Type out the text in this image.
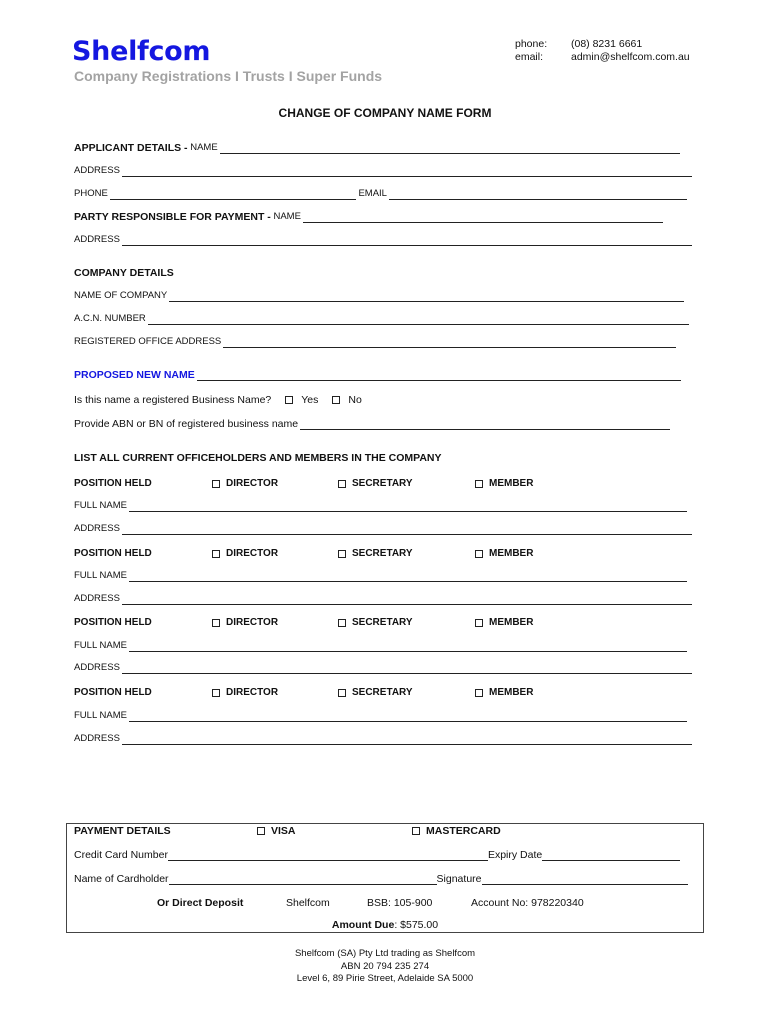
Shelfcom
Company Registrations I Trusts I Super Funds
phone:	(08) 8231 6661
email:	admin@shelfcom.com.au
CHANGE OF COMPANY NAME FORM
APPLICANT DETAILS -
NAME
ADDRESS
PHONE
	EMAIL
PARTY RESPONSIBLE FOR PAYMENT -
NAME
ADDRESS
COMPANY DETAILS
NAME OF COMPANY
A.C.N. NUMBER
REGISTERED OFFICE ADDRESS
PROPOSED NEW NAME
Is this name a registered Business Name?	Yes	No
Provide ABN or BN of registered business name
LIST ALL CURRENT OFFICEHOLDERS AND MEMBERS IN THE COMPANY
POSITION HELD	DIRECTOR	SECRETARY	MEMBER
FULL NAME
ADDRESS
POSITION HELD	DIRECTOR	SECRETARY	MEMBER
FULL NAME
ADDRESS
POSITION HELD	DIRECTOR	SECRETARY	MEMBER
FULL NAME
ADDRESS
POSITION HELD	DIRECTOR	SECRETARY	MEMBER
FULL NAME
ADDRESS
PAYMENT DETAILS	VISA	MASTERCARD
Credit Card Number	Expiry Date
Name of Cardholder	Signature
Or Direct Deposit	Shelfcom	BSB: 105-900	Account No: 978220340
Amount Due: $575.00
Shelfcom (SA) Pty Ltd trading as Shelfcom
ABN 20 794 235 274
Level 6, 89 Pirie Street, Adelaide SA 5000
